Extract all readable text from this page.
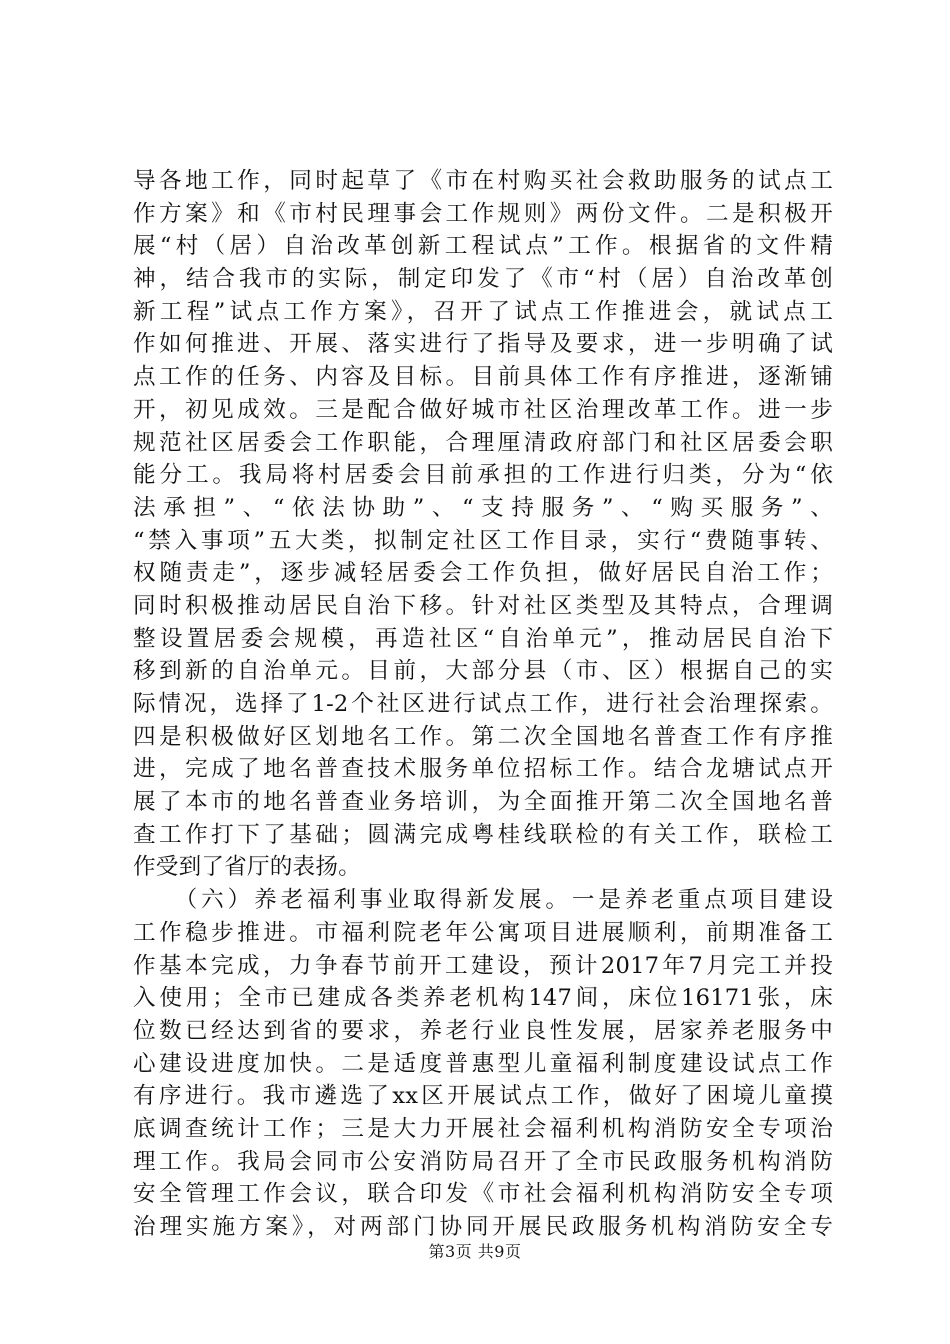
导各地工作，同时起草了《市在村购买社会救助服务的试点工
作方案》和《市村民理事会工作规则》两份文件。二是积极开
展“村（居）自治改革创新工程试点”工作。根据省的文件精
神，结合我市的实际，制定印发了《市“村（居）自治改革创
新工程”试点工作方案》，召开了试点工作推进会，就试点工
作如何推进、开展、落实进行了指导及要求，进一步明确了试
点工作的任务、内容及目标。目前具体工作有序推进，逐渐铺
开，初见成效。三是配合做好城市社区治理改革工作。进一步
规范社区居委会工作职能，合理厘清政府部门和社区居委会职
能分工。我局将村居委会目前承担的工作进行归类，分为“依
法承担”、“依法协助”、“支持服务”、“购买服务”、
“禁入事项”五大类，拟制定社区工作目录，实行“费随事转、
权随责走”，逐步减轻居委会工作负担，做好居民自治工作；
同时积极推动居民自治下移。针对社区类型及其特点，合理调
整设置居委会规模，再造社区“自治单元”，推动居民自治下
移到新的自治单元。目前，大部分县（市、区）根据自己的实
际情况，选择了1-2个社区进行试点工作，进行社会治理探索。
四是积极做好区划地名工作。第二次全国地名普查工作有序推
进，完成了地名普查技术服务单位招标工作。结合龙塘试点开
展了本市的地名普查业务培训，为全面推开第二次全国地名普
查工作打下了基础；圆满完成粤桂线联检的有关工作，联检工
作受到了省厅的表扬。
　　（六）养老福利事业取得新发展。一是养老重点项目建设
工作稳步推进。市福利院老年公寓项目进展顺利，前期准备工
作基本完成，力争春节前开工建设，预计2017年7月完工并投
入使用；全市已建成各类养老机构147间，床位16171张，床
位数已经达到省的要求，养老行业良性发展，居家养老服务中
心建设进度加快。二是适度普惠型儿童福利制度建设试点工作
有序进行。我市遴选了xx区开展试点工作，做好了困境儿童摸
底调查统计工作；三是大力开展社会福利机构消防安全专项治
理工作。我局会同市公安消防局召开了全市民政服务机构消防
安全管理工作会议，联合印发《市社会福利机构消防安全专项
治理实施方案》，对两部门协同开展民政服务机构消防安全专
第3页 共9页
